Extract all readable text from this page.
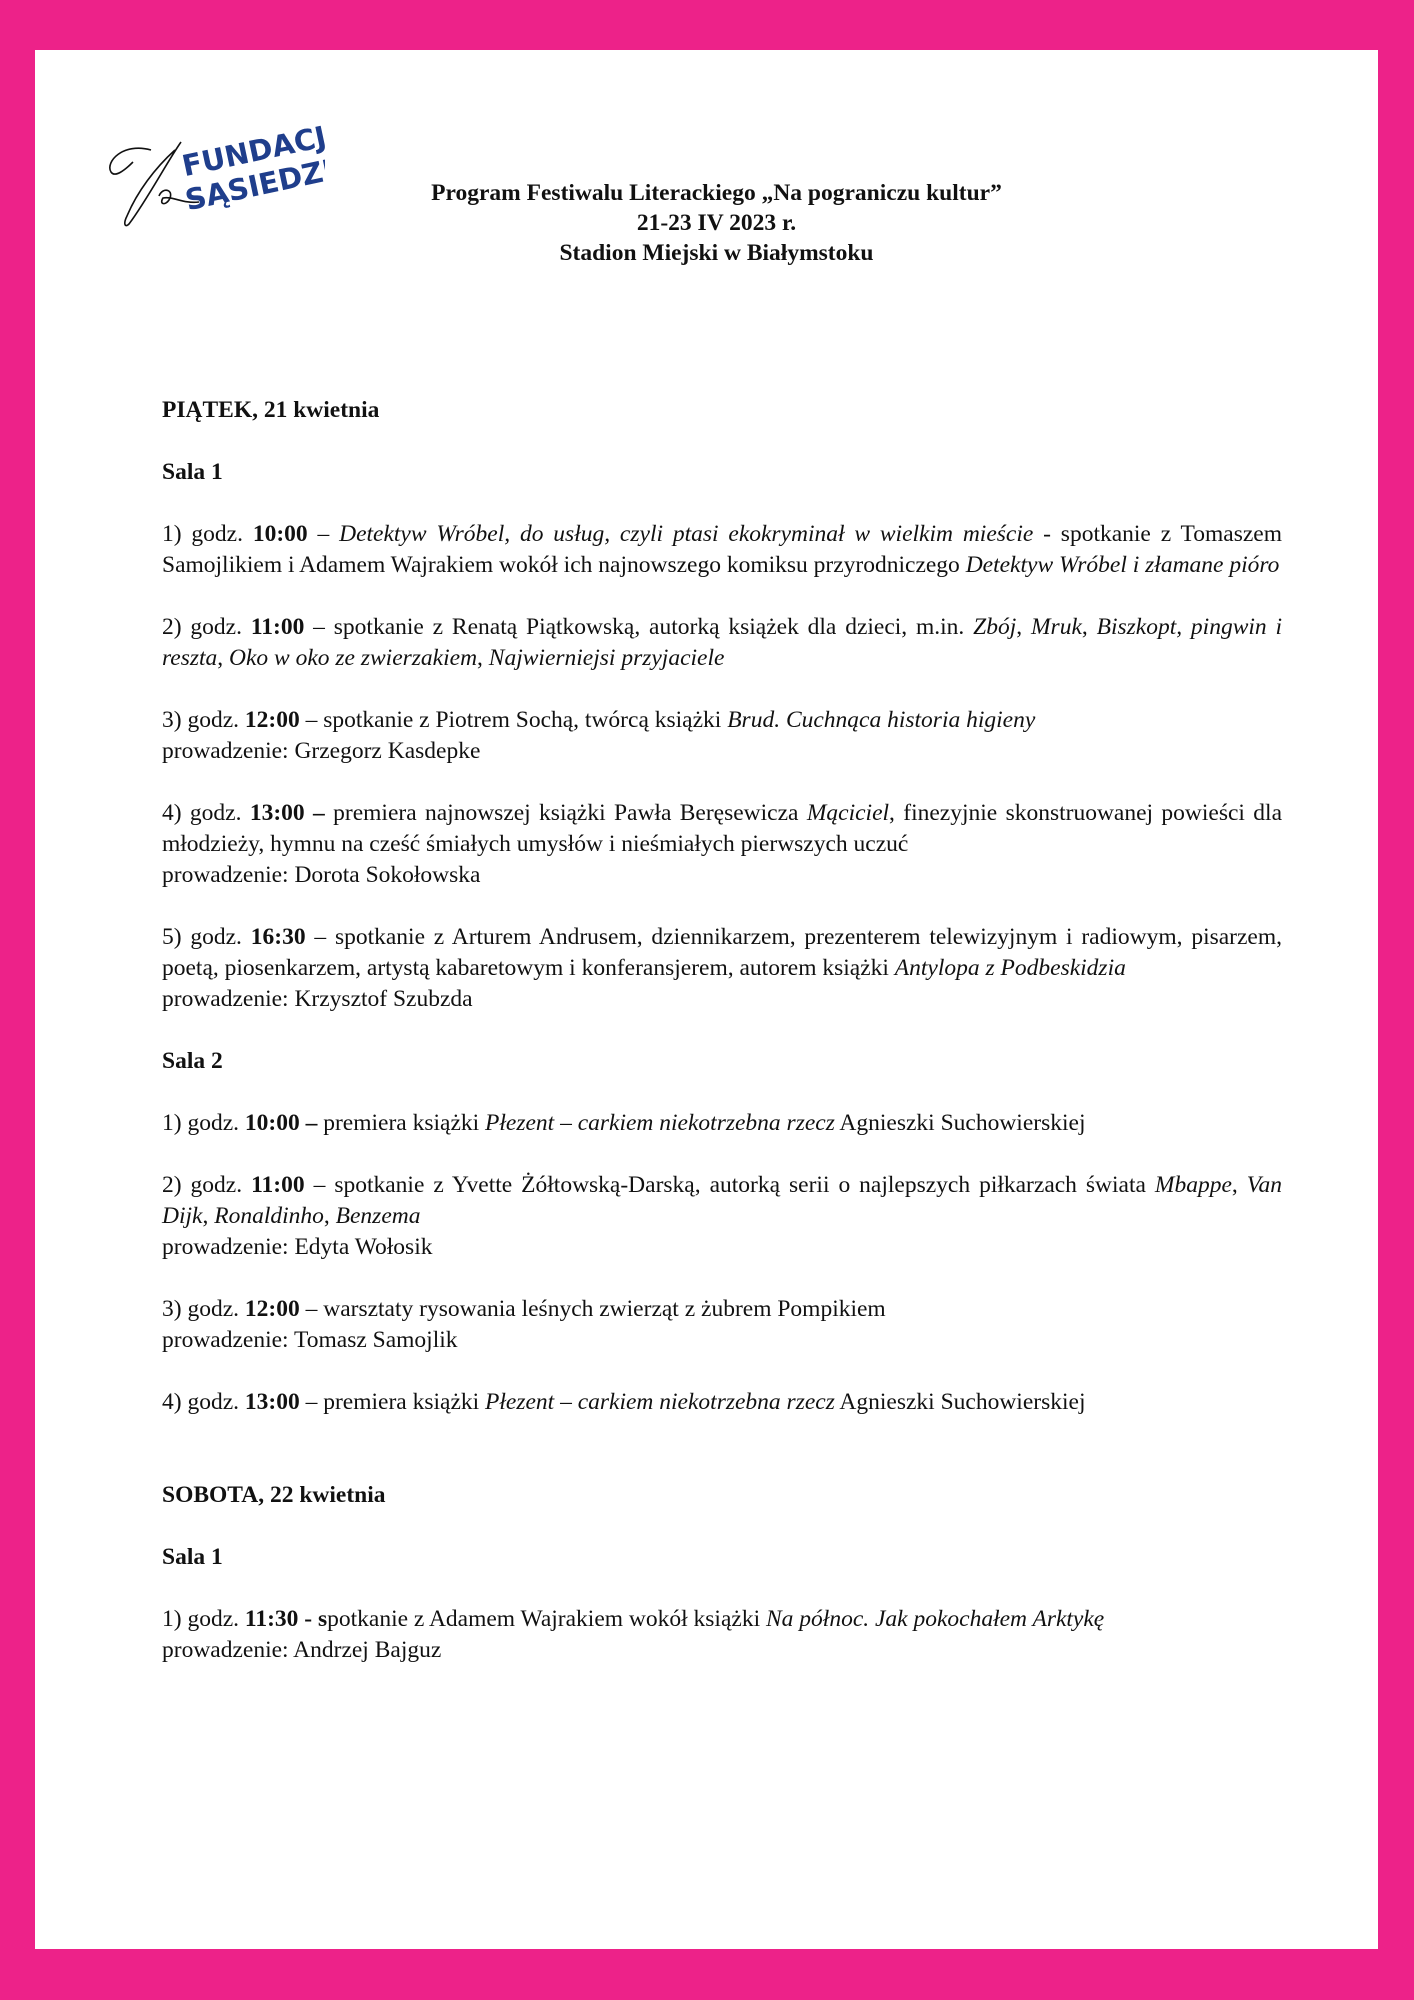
FUNDACJA
SĄSIEDZI	Program Festiwalu Literackiego „Na pograniczu kultur”
21-23 IV 2023 r.
Stadion Miejski w Białymstoku
PIĄTEK, 21 kwietnia
Sala 1

1) godz. 10:00 – Detektyw Wróbel, do usług, czyli ptasi ekokryminał w wielkim mieście - spotkanie z Tomaszem Samojlikiem i Adamem Wajrakiem wokół ich najnowszego komiksu przyrodniczego Detektyw Wróbel i złamane pióro

2) godz. 11:00 – spotkanie z Renatą Piątkowską, autorką książek dla dzieci, m.in. Zbój, Mruk, Biszkopt, pingwin i reszta, Oko w oko ze zwierzakiem, Najwierniejsi przyjaciele

3) godz. 12:00 – spotkanie z Piotrem Sochą, twórcą książki Brud. Cuchnąca historia higieny

prowadzenie: Grzegorz Kasdepke

4) godz. 13:00 – premiera najnowszej książki Pawła Beręsewicza Mąciciel, finezyjnie skonstruowanej powieści dla młodzieży, hymnu na cześć śmiałych umysłów i nieśmiałych pierwszych uczuć

prowadzenie: Dorota Sokołowska

5) godz. 16:30 – spotkanie z Arturem Andrusem, dziennikarzem, prezenterem telewizyjnym i radiowym, pisarzem, poetą, piosenkarzem, artystą kabaretowym i konferansjerem, autorem książki Antylopa z Podbeskidzia

prowadzenie: Krzysztof Szubzda

Sala 2

1) godz. 10:00 – premiera książki Płezent – carkiem niekotrzebna rzecz Agnieszki Suchowierskiej

2) godz. 11:00 – spotkanie z Yvette Żółtowską-Darską, autorką serii o najlepszych piłkarzach świata Mbappe, Van Dijk, Ronaldinho, Benzema

prowadzenie: Edyta Wołosik

3) godz. 12:00 – warsztaty rysowania leśnych zwierząt z żubrem Pompikiem

prowadzenie: Tomasz Samojlik

4) godz. 13:00 – premiera książki Płezent – carkiem niekotrzebna rzecz Agnieszki Suchowierskiej

SOBOTA, 22 kwietnia
Sala 1

1) godz. 11:30 - spotkanie z Adamem Wajrakiem wokół książki Na północ. Jak pokochałem Arktykę

prowadzenie: Andrzej Bajguz
